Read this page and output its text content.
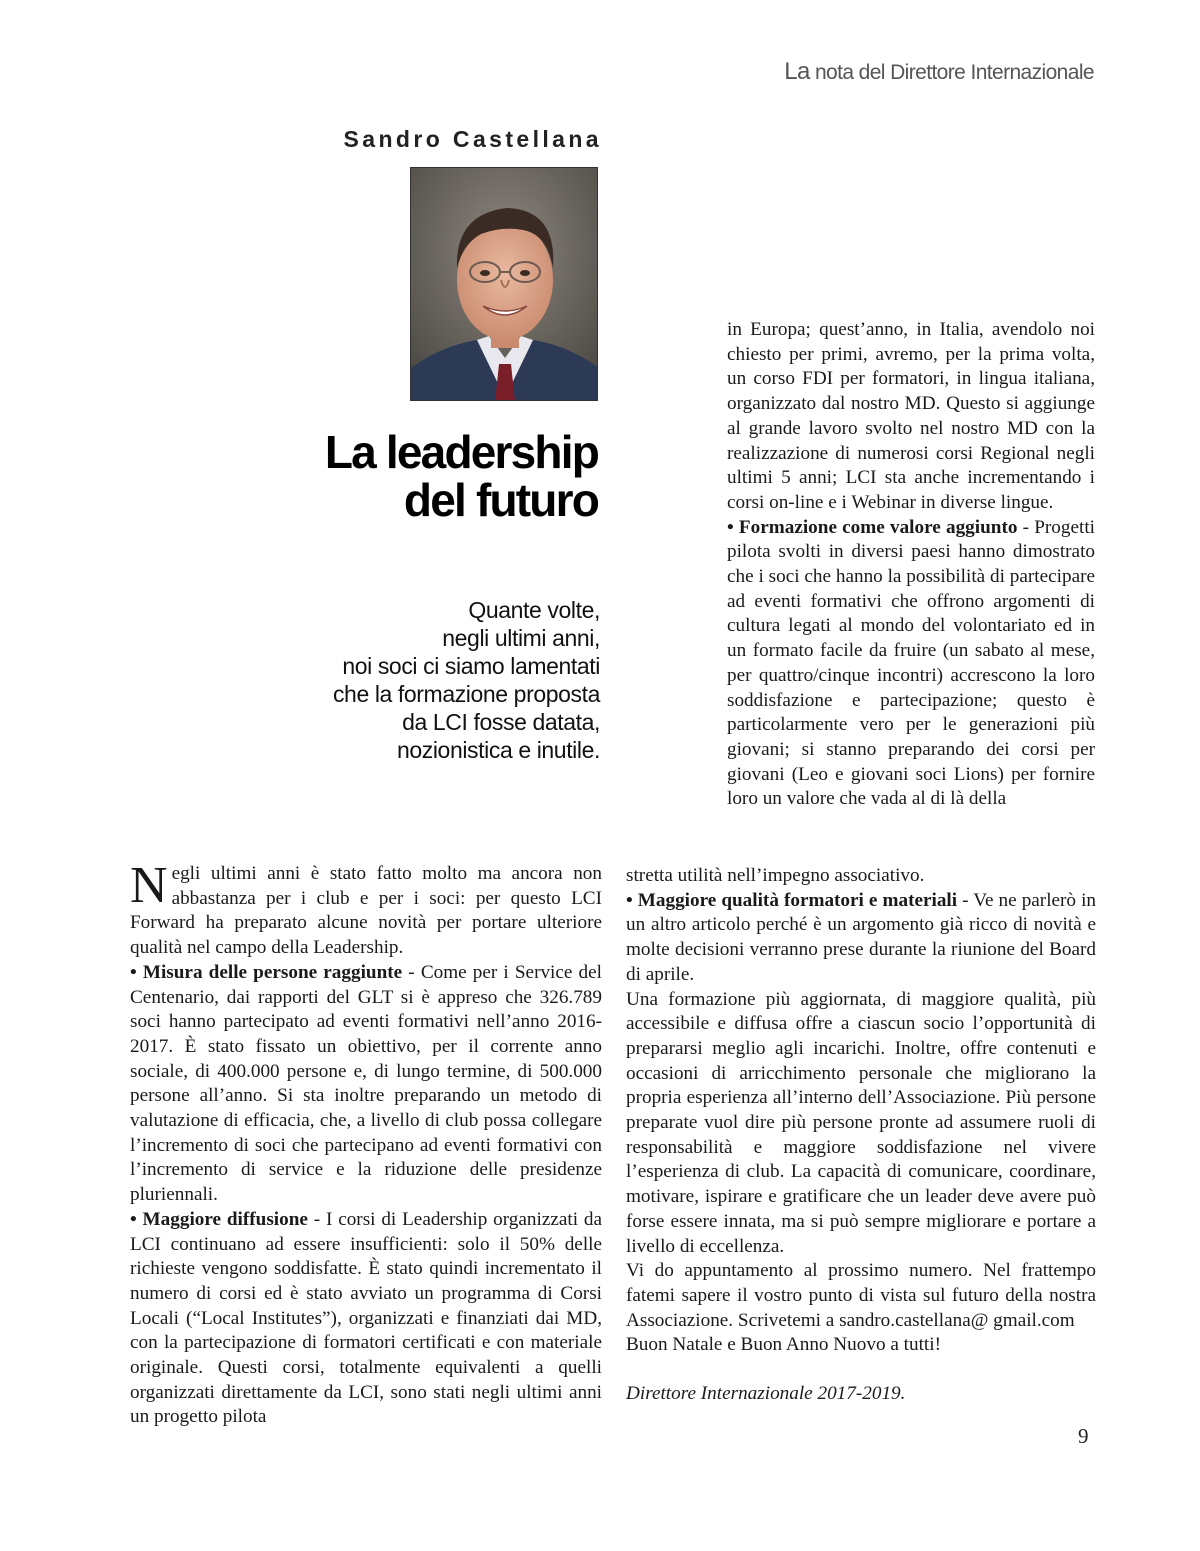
La nota del Direttore Internazionale
Sandro Castellana
La leadership
del futuro

Quante volte,
negli ultimi anni,
noi soci ci siamo lamentati
che la formazione proposta
da LCI fosse datata,
nozionistica e inutile.

Negli ultimi anni è stato fatto molto ma ancora non abbastanza per i club e per i soci: per questo LCI Forward ha preparato alcune novità per portare ulteriore qualità nel campo della Leadership.

• Misura delle persone raggiunte - Come per i Service del Centenario, dai rapporti del GLT si è appreso che 326.789 soci hanno partecipato ad eventi formativi nell’anno 2016-2017. È stato fissato un obiettivo, per il corrente anno sociale, di 400.000 persone e, di lungo termine, di 500.000 persone all’anno. Si sta inoltre preparando un metodo di valutazione di efficacia, che, a livello di club possa collegare l’incremento di soci che partecipano ad eventi formativi con l’incremento di service e la riduzione delle presidenze pluriennali.

• Maggiore diffusione - I corsi di Leadership organizzati da LCI continuano ad essere insufficienti: solo il 50% delle richieste vengono soddisfatte. È stato quindi incrementato il numero di corsi ed è stato avviato un programma di Corsi Locali (“Local Institutes”), organizzati e finanziati dai MD, con la partecipazione di formatori certificati e con materiale originale. Questi corsi, totalmente equivalenti a quelli organizzati direttamente da LCI, sono stati negli ultimi anni un progetto pilota

in Europa; quest’anno, in Italia, avendolo noi chiesto per primi, avremo, per la prima volta, un corso FDI per formatori, in lingua italiana, organizzato dal nostro MD. Questo si aggiunge al grande lavoro svolto nel nostro MD con la realizzazione di numerosi corsi Regional negli ultimi 5 anni; LCI sta anche incrementando i corsi on-line e i Webinar in diverse lingue.

• Formazione come valore aggiunto - Progetti pilota svolti in diversi paesi hanno dimostrato che i soci che hanno la possibilità di partecipare ad eventi formativi che offrono argomenti di cultura legati al mondo del volontariato ed in un formato facile da fruire (un sabato al mese, per quattro/cinque incontri) accrescono la loro soddisfazione e partecipazione; questo è particolarmente vero per le generazioni più giovani; si stanno preparando dei corsi per giovani (Leo e giovani soci Lions) per fornire loro un valore che vada al di là della

stretta utilità nell’impegno associativo.

• Maggiore qualità formatori e materiali - Ve ne parlerò in un altro articolo perché è un argomento già ricco di novità e molte decisioni verranno prese durante la riunione del Board di aprile.

Una formazione più aggiornata, di maggiore qualità, più accessibile e diffusa offre a ciascun socio l’opportunità di prepararsi meglio agli incarichi. Inoltre, offre contenuti e occasioni di arricchimento personale che migliorano la propria esperienza all’interno dell’Associazione. Più persone preparate vuol dire più persone pronte ad assumere ruoli di responsabilità e maggiore soddisfazione nel vivere l’esperienza di club. La capacità di comunicare, coordinare, motivare, ispirare e gratificare che un leader deve avere può forse essere innata, ma si può sempre migliorare e portare a livello di eccellenza.

Vi do appuntamento al prossimo numero. Nel frattempo fatemi sapere il vostro punto di vista sul futuro della nostra Associazione. Scrivetemi a sandro.castellana@ gmail.com

Buon Natale e Buon Anno Nuovo a tutti!

Direttore Internazionale 2017-2019.

9
